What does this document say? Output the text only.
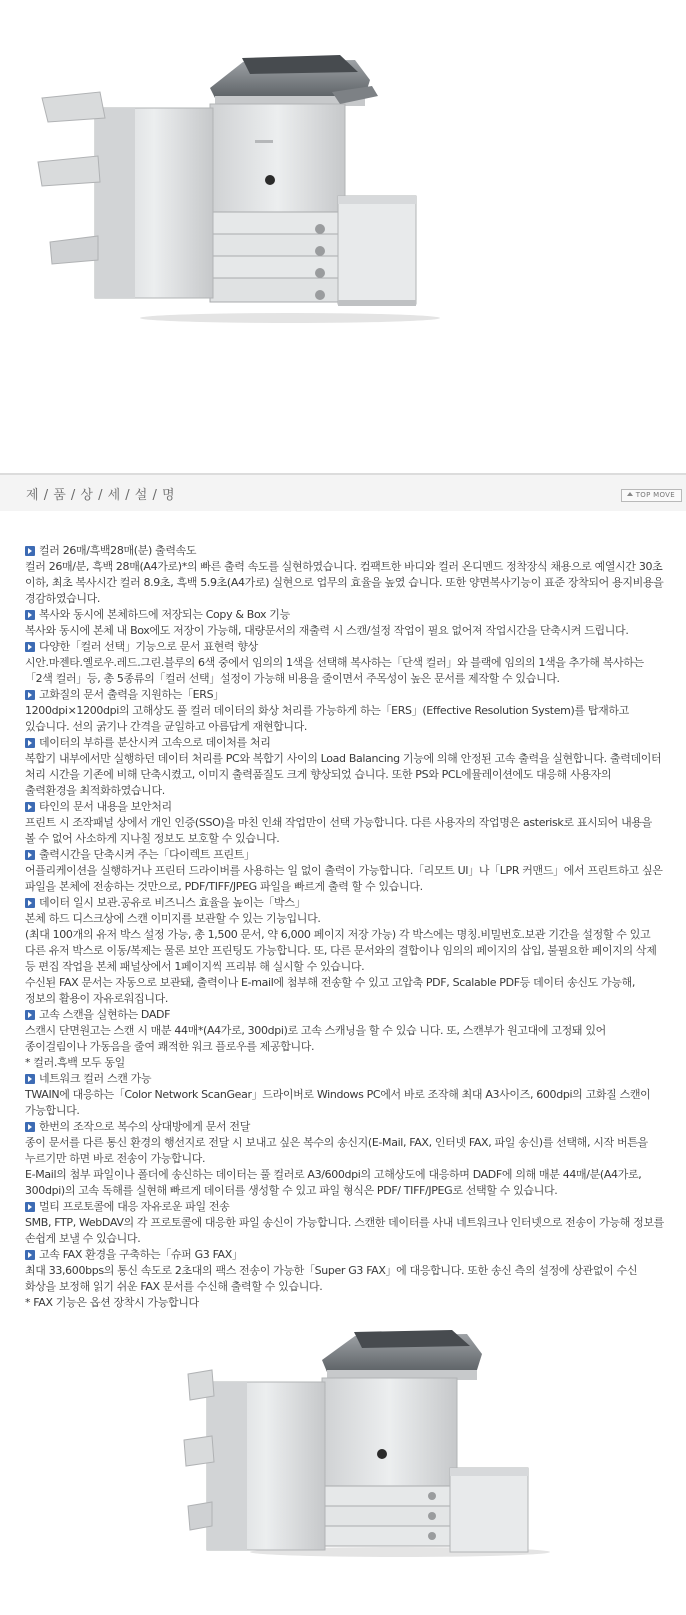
제 / 품 / 상 / 세 / 설 / 명	TOP MOVE
컬러 26매/흑백28매(분) 출력속도

컬러 26매/분, 흑백 28매(A4가로)*의 빠른 출력 속도를 실현하였습니다. 컴팩트한 바디와 컬러 온디멘드 정착장식 채용으로 예열시간 30초 이하, 최초 복사시간 컬러 8.9초, 흑백 5.9초(A4가로) 실현으로 업무의 효율을 높였 습니다. 또한 양면복사기능이 표준 장착되어 용지비용을 경감하였습니다.

복사와 동시에 본체하드에 저장되는 Copy & Box 기능

복사와 동시에 본체 내 Box에도 저장이 가능해, 대량문서의 재출력 시 스캔/설정 작업이 필요 없어져 작업시간을 단축시켜 드립니다.

다양한「컬러 선택」기능으로 문서 표현력 향상

시안.마젠타.옐로우.레드.그린.블루의 6색 중에서 임의의 1색을 선택해 복사하는「단색 컬러」와 블랙에 임의의 1색을 추가해 복사하는「2색 컬러」등, 총 5종류의「컬러 선택」설정이 가능해 비용을 줄이면서 주목성이 높은 문서를 제작할 수 있습니다.

고화질의 문서 출력을 지원하는「ERS」

1200dpi×1200dpi의 고해상도 풀 컬러 데이터의 화상 처리를 가능하게 하는「ERS」(Effective Resolution System)를 탑재하고 있습니다. 선의 굵기나 간격을 균일하고 아름답게 재현합니다.

데이터의 부하를 분산시켜 고속으로 데이처를 처리

복합기 내부에서만 실행하던 데이터 처리를 PC와 복합기 사이의 Load Balancing 기능에 의해 안정된 고속 출력을 실현합니다. 출력데이터 처리 시간을 기존에 비해 단축시켰고, 이미지 출력품질도 크게 향상되었 습니다. 또한 PS와 PCL에뮬레이션에도 대응해 사용자의 출력환경을 최적화하였습니다.

타인의 문서 내용을 보안처리

프린트 시 조작패널 상에서 개인 인증(SSO)을 마친 인쇄 작업만이 선택 가능합니다. 다른 사용자의 작업명은 asterisk로 표시되어 내용을 볼 수 없어 사소하게 지나칠 정보도 보호할 수 있습니다.

출력시간을 단축시켜 주는「다이렉트 프린트」

어플리케이션을 실행하거나 프린터 드라이버를 사용하는 일 없이 출력이 가능합니다.「리모트 UI」나「LPR 커맨드」에서 프린트하고 싶은 파일을 본체에 전송하는 것만으로, PDF/TIFF/JPEG 파일을 빠르게 출력 할 수 있습니다.

데이터 일시 보관.공유로 비즈니스 효율을 높이는「박스」

본체 하드 디스크상에 스캔 이미지를 보관할 수 있는 기능입니다.

(최대 100개의 유저 박스 설정 가능, 총 1,500 문서, 약 6,000 페이지 저장 가능) 각 박스에는 명칭.비밀번호.보관 기간을 설정할 수 있고 다른 유저 박스로 이동/복제는 물론 보안 프린팅도 가능합니다. 또, 다른 문서와의 결합이나 임의의 페이지의 삽입, 불필요한 페이지의 삭제 등 편집 작업을 본체 패널상에서 1페이지씩 프리뷰 해 실시할 수 있습니다.

수신된 FAX 문서는 자동으로 보관돼, 출력이나 E-mail에 첨부해 전송할 수 있고 고압축 PDF, Scalable PDF등 데이터 송신도 가능해, 정보의 활용이 자유로워집니다.

고속 스캔을 실현하는 DADF

스캔시 단면원고는 스캔 시 매분 44매*(A4가로, 300dpi)로 고속 스캐닝을 할 수 있습 니다. 또, 스캔부가 원고대에 고정돼 있어 종이걸림이나 가동음을 줄여 쾌적한 워크 플로우를 제공합니다.

* 컬러.흑백 모두 동일

네트워크 컬러 스캔 가능

TWAIN에 대응하는「Color Network ScanGear」드라이버로 Windows PC에서 바로 조작해 최대 A3사이즈, 600dpi의 고화질 스캔이 가능합니다.

한번의 조작으로 복수의 상대방에게 문서 전달

종이 문서를 다른 통신 환경의 행선지로 전달 시 보내고 싶은 복수의 송신지(E-Mail, FAX, 인터넷 FAX, 파일 송신)를 선택해, 시작 버튼을 누르기만 하면 바로 전송이 가능합니다.

E-Mail의 첨부 파일이나 폴더에 송신하는 데이터는 풀 컬러로 A3/600dpi의 고해상도에 대응하며 DADF에 의해 매분 44매/분(A4가로, 300dpi)의 고속 독해를 실현해 빠르게 데이터를 생성할 수 있고 파일 형식은 PDF/ TIFF/JPEG로 선택할 수 있습니다.

멀티 프로토콜에 대응 자유로운 파일 전송

SMB, FTP, WebDAV의 각 프로토콜에 대응한 파일 송신이 가능합니다. 스캔한 데이터를 사내 네트워크나 인터넷으로 전송이 가능해 정보를 손쉽게 보낼 수 있습니다.

고속 FAX 환경을 구축하는「슈퍼 G3 FAX」

최대 33,600bps의 통신 속도로 2초대의 팩스 전송이 가능한「Super G3 FAX」에 대응합니다. 또한 송신 측의 설정에 상관없이 수신 화상을 보정해 읽기 쉬운 FAX 문서를 수신해 출력할 수 있습니다.

* FAX 기능은 옵션 장착시 가능합니다
